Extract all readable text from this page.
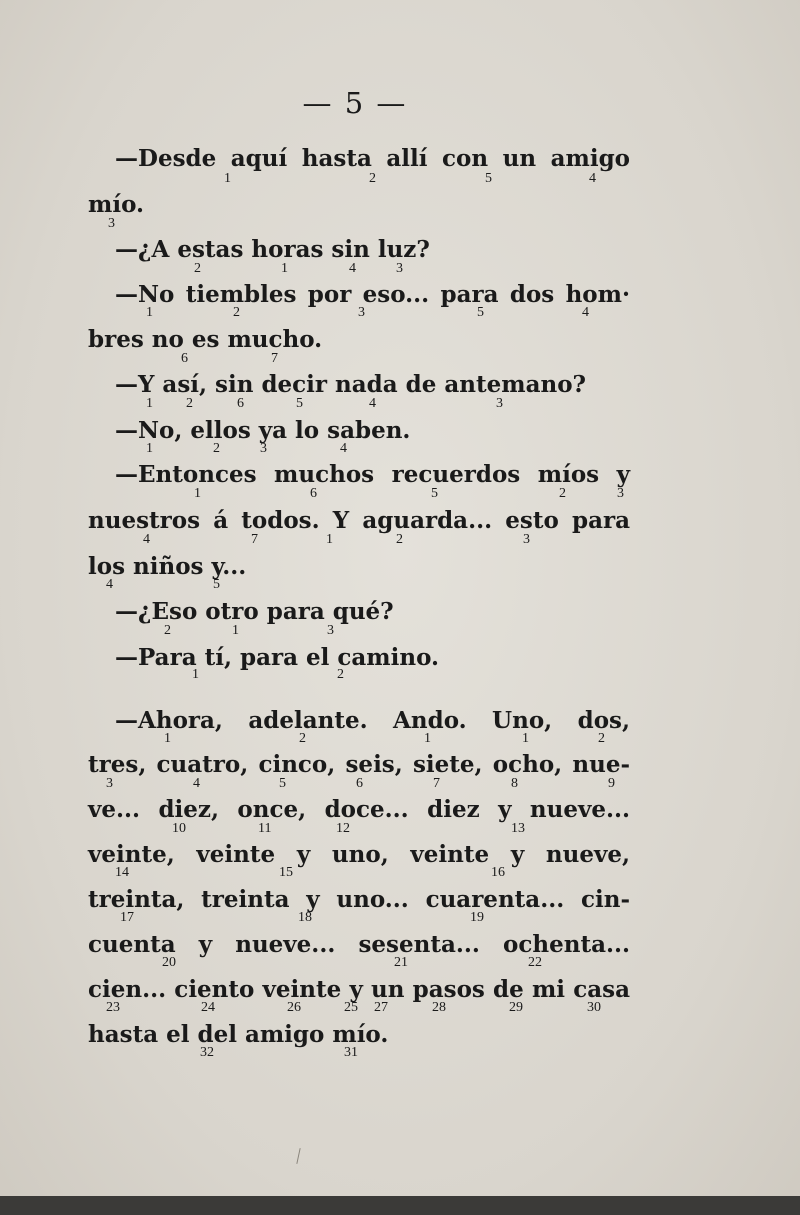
— 5 —
—Desde aquí hasta allí con un amigo
mío.
—¿A estas horas sin luz?
—No tiembles por eso... para dos hom·
bres no es mucho.
—Y así, sin decir nada de antemano?
—No, ellos ya lo saben.
—Entonces muchos recuerdos míos y
nuestros á todos. Y aguarda... esto para
los niños y...
—¿Eso otro para qué?
—Para tí, para el camino.
—Ahora, adelante. Ando. Uno, dos,
tres, cuatro, cinco, seis, siete, ocho, nue-
ve... diez, once, doce... diez y nueve...
veinte, veinte y uno, veinte y nueve,
treinta, treinta y uno... cuarenta... cin-
cuenta y nueve... sesenta... ochenta...
cien... ciento veinte y un pasos de mi casa
hasta el del amigo mío.
1	2	5	4
3
2	1	4	3
1	2	3	5	4
6	7
1 2	6	5	4	3
1	2	3	4
1	6	5	2	3
4	7	1	2	3
4	5
2	1	3
1	2
1	2	1	1	2
3	4	5	6	7	8	9
10	11	12	13
14	15	16
17	18	19
20	21	22
23	24	26	25 27	28	29	30
32	31
